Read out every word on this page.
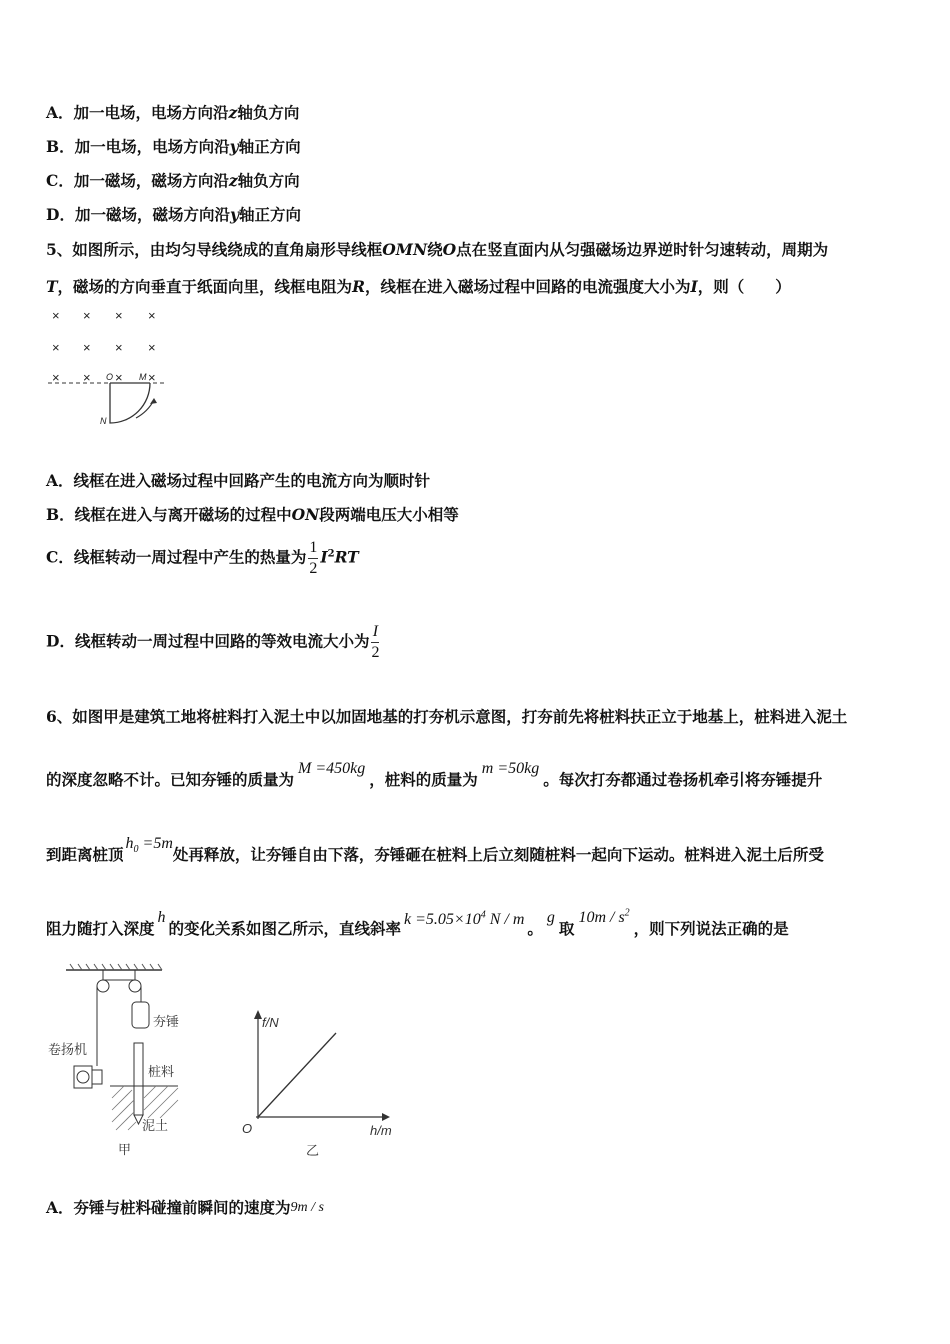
A．加一电场，电场方向沿z轴负方向
B．加一电场，电场方向沿y轴正方向
C．加一磁场，磁场方向沿z轴负方向
D．加一磁场，磁场方向沿y轴正方向
5、如图所示，由均匀导线绕成的直角扇形导线框OMN绕O点在竖直面内从匀强磁场边界逆时针匀速转动，周期为
T，磁场的方向垂直于纸面向里，线框电阻为R，线框在进入磁场过程中回路的电流强度大小为I，则（　　）
× × × ×
× × × ×
× × × ×
O	M
N
A．线框在进入磁场过程中回路产生的电流方向为顺时针
B．线框在进入与离开磁场的过程中ON段两端电压大小相等
C．线框转动一周过程中产生的热量为 $\frac{1}{2} I^2RT$
D．线框转动一周过程中回路的等效电流大小为 $\frac{I}{2}$
6、如图甲是建筑工地将桩料打入泥土中以加固地基的打夯机示意图，打夯前先将桩料扶正立于地基上，桩料进入泥土
的深度忽略不计。已知夯锤的质量为M =450kg，桩料的质量为m =50kg。每次打夯都通过卷扬机牵引将夯锤提升
到距离桩顶$h_0 =5m$处再释放，让夯锤自由下落，夯锤砸在桩料上后立刻随桩料一起向下运动。桩料进入泥土后所受
阻力随打入深度h的变化关系如图乙所示，直线斜率 $k =5.05\times 10^4$ N / m 。g取$10m / s^2$，则下列说法正确的是
夯锤
卷扬机
桩料
泥土
甲
f/N
h/m
O
乙
A．夯锤与桩料碰撞前瞬间的速度为9m / s
